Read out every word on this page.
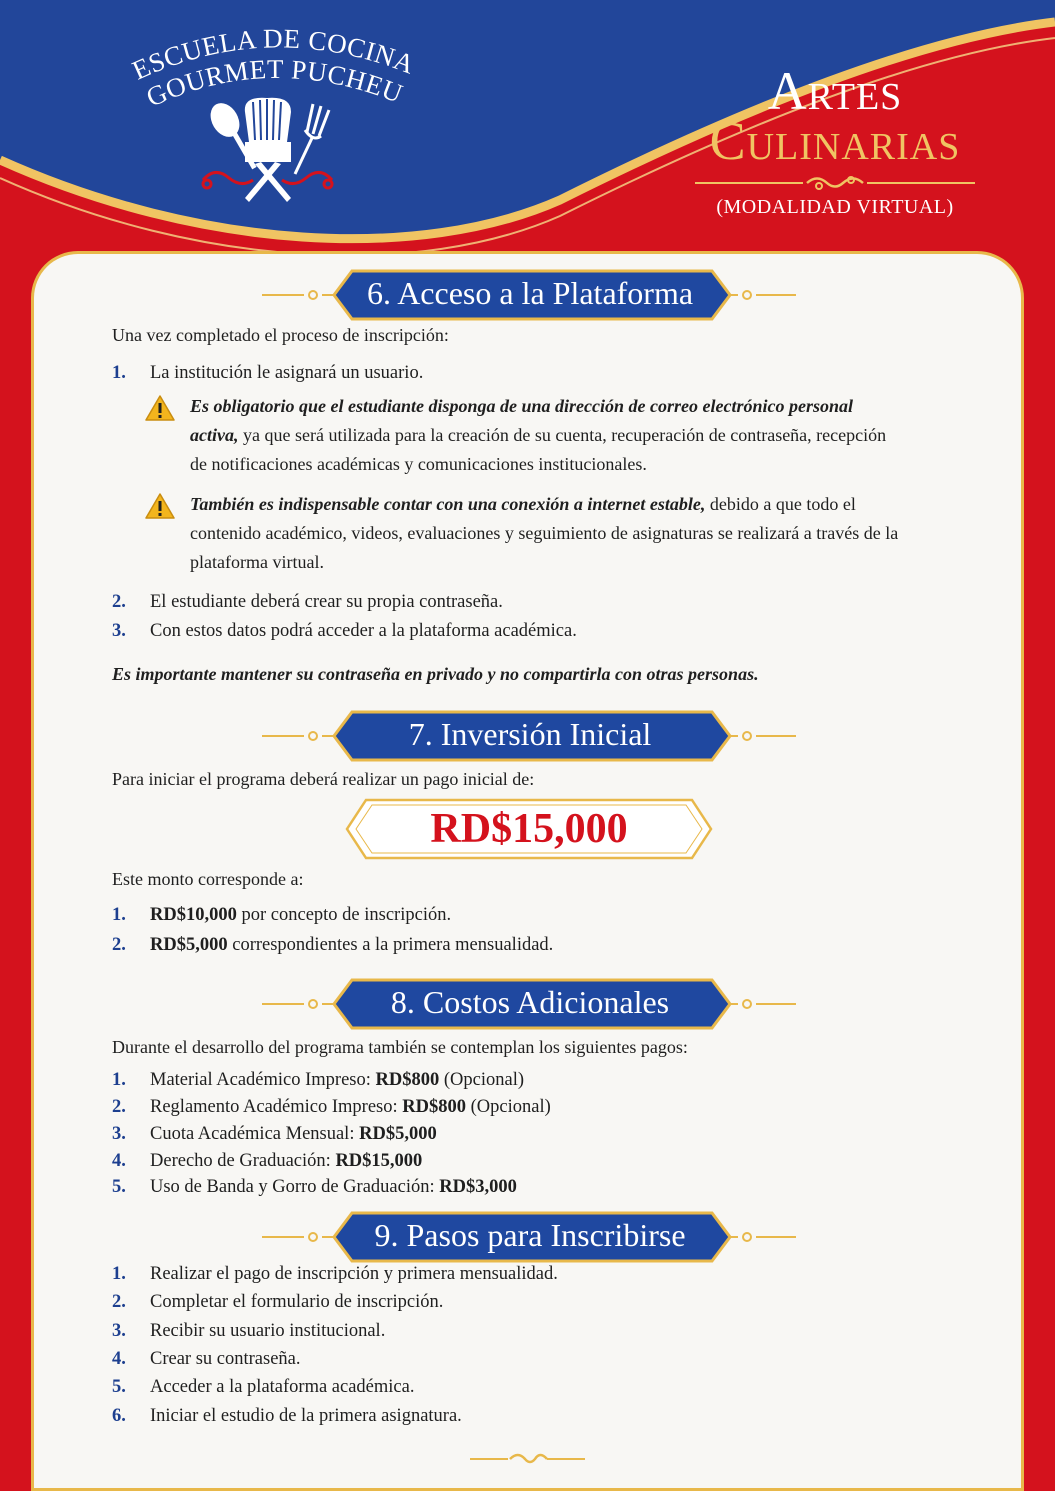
ESCUELA DE COCINA
GOURMET PUCHEU	Artes
Culinarias
(MODALIDAD VIRTUAL)
6. Acceso a la Plataforma
Una vez completado el proceso de inscripción:
1. La institución le asignará un usuario.
Es obligatorio que el estudiante disponga de una dirección de correo electrónico personal activa, ya que será utilizada para la creación de su cuenta, recuperación de contraseña, recepción de notificaciones académicas y comunicaciones institucionales.
También es indispensable contar con una conexión a internet estable, debido a que todo el contenido académico, videos, evaluaciones y seguimiento de asignaturas se realizará a través de la plataforma virtual.
2. El estudiante deberá crear su propia contraseña.
3. Con estos datos podrá acceder a la plataforma académica.
Es importante mantener su contraseña en privado y no compartirla con otras personas.
7. Inversión Inicial
Para iniciar el programa deberá realizar un pago inicial de:
RD$15,000
Este monto corresponde a:
1. RD$10,000 por concepto de inscripción.
2. RD$5,000 correspondientes a la primera mensualidad.
8. Costos Adicionales
Durante el desarrollo del programa también se contemplan los siguientes pagos:
1. Material Académico Impreso: RD$800 (Opcional)
2. Reglamento Académico Impreso: RD$800 (Opcional)
3. Cuota Académica Mensual: RD$5,000
4. Derecho de Graduación: RD$15,000
5. Uso de Banda y Gorro de Graduación: RD$3,000
9. Pasos para Inscribirse
1. Realizar el pago de inscripción y primera mensualidad.
2. Completar el formulario de inscripción.
3. Recibir su usuario institucional.
4. Crear su contraseña.
5. Acceder a la plataforma académica.
6. Iniciar el estudio de la primera asignatura.
